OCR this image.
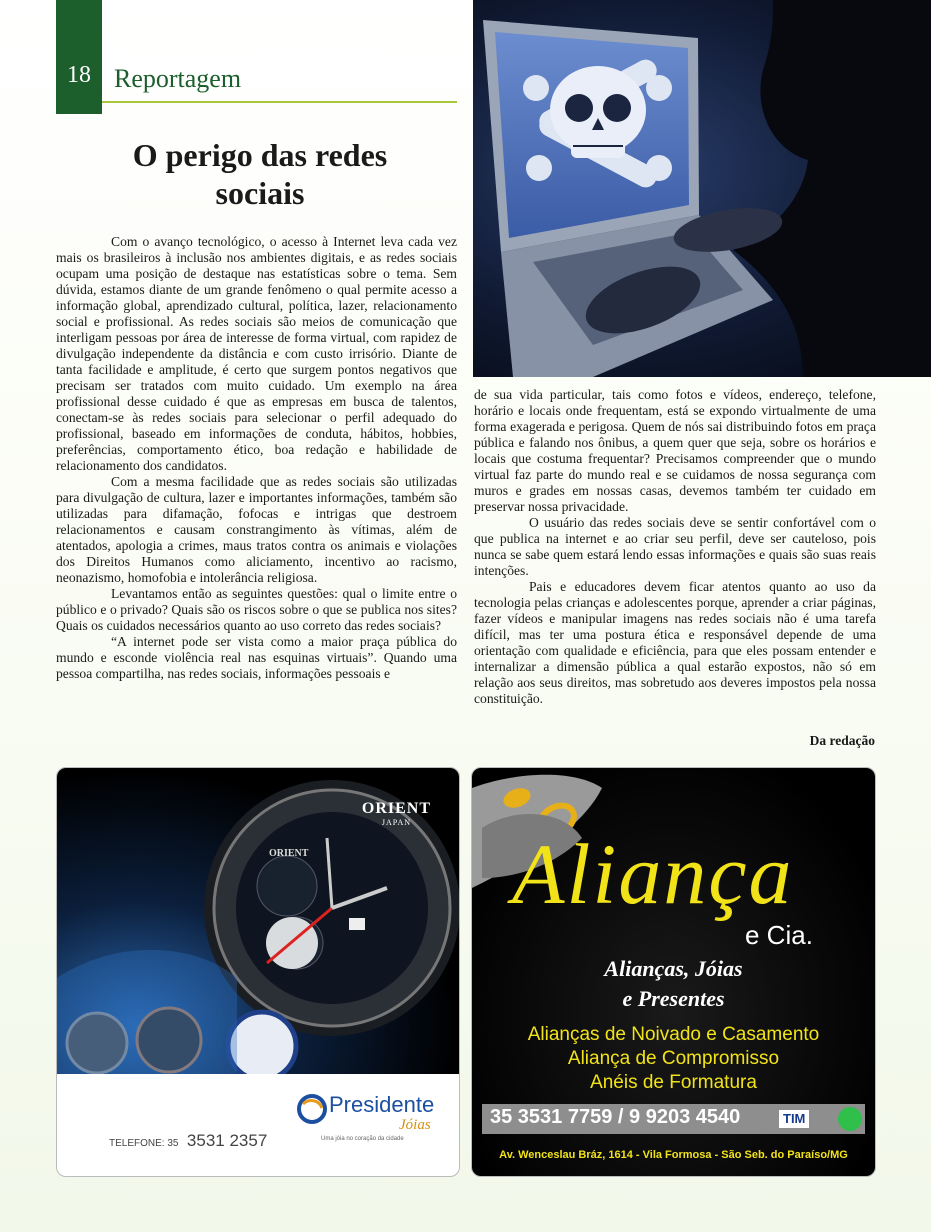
18 Reportagem
O perigo das redes
sociais

Com o avanço tecnológico, o acesso à Internet leva cada vez mais os brasileiros à inclusão nos ambientes digitais, e as redes sociais ocupam uma posição de destaque nas estatísticas sobre o tema. Sem dúvida, estamos diante de um grande fenômeno o qual permite acesso a informação global, aprendizado cultural, política, lazer, relacionamento social e profissional. As redes sociais são meios de comunicação que interligam pessoas por área de interesse de forma virtual, com rapidez de divulgação independente da distância e com custo irrisório. Diante de tanta facilidade e amplitude, é certo que surgem pontos negativos que precisam ser tratados com muito cuidado. Um exemplo na área profissional desse cuidado é que as empresas em busca de talentos, conectam-se às redes sociais para selecionar o perfil adequado do profissional, baseado em informações de conduta, hábitos, hobbies, preferências, comportamento ético, boa redação e habilidade de relacionamento dos candidatos.

Com a mesma facilidade que as redes sociais são utilizadas para divulgação de cultura, lazer e importantes informações, também são utilizadas para difamação, fofocas e intrigas que destroem relacionamentos e causam constrangimento às vítimas, além de atentados, apologia a crimes, maus tratos contra os animais e violações dos Direitos Humanos como aliciamento, incentivo ao racismo, neonazismo, homofobia e intolerância religiosa.

Levantamos então as seguintes questões: qual o limite entre o público e o privado? Quais são os riscos sobre o que se publica nos sites? Quais os cuidados necessários quanto ao uso correto das redes sociais?

“A internet pode ser vista como a maior praça pública do mundo e esconde violência real nas esquinas virtuais”. Quando uma pessoa compartilha, nas redes sociais, informações pessoais e

de sua vida particular, tais como fotos e vídeos, endereço, telefone, horário e locais onde frequentam, está se expondo virtualmente de uma forma exagerada e perigosa. Quem de nós sai distribuindo fotos em praça pública e falando nos ônibus, a quem quer que seja, sobre os horários e locais que costuma frequentar? Precisamos compreender que o mundo virtual faz parte do mundo real e se cuidamos de nossa segurança com muros e grades em nossas casas, devemos também ter cuidado em preservar nossa privacidade.

O usuário das redes sociais deve se sentir confortável com o que publica na internet e ao criar seu perfil, deve ser cauteloso, pois nunca se sabe quem estará lendo essas informações e quais são suas reais intenções.

Pais e educadores devem ficar atentos quanto ao uso da tecnologia pelas crianças e adolescentes porque, aprender a criar páginas, fazer vídeos e manipular imagens nas redes sociais não é uma tarefa difícil, mas ter uma postura ética e responsável depende de uma orientação com qualidade e eficiência, para que eles possam entender e internalizar a dimensão pública a qual estarão expostos, não só em relação aos seus direitos, mas sobretudo aos deveres impostos pela nossa constituição.

Da redação
ORIENT
JAPAN
ORIENT
TELEFONE: 35 3531 2357
Presidente
Jóias
Uma jóia no coração da cidade
Aliança
e Cia.
Alianças, Jóias
e Presentes
Alianças de Noivado e Casamento
Aliança de Compromisso
Anéis de Formatura
35 3531 7759 / 9 9203 4540	TIM
Av. Wenceslau Bráz, 1614 - Vila Formosa - São Seb. do Paraíso/MG
